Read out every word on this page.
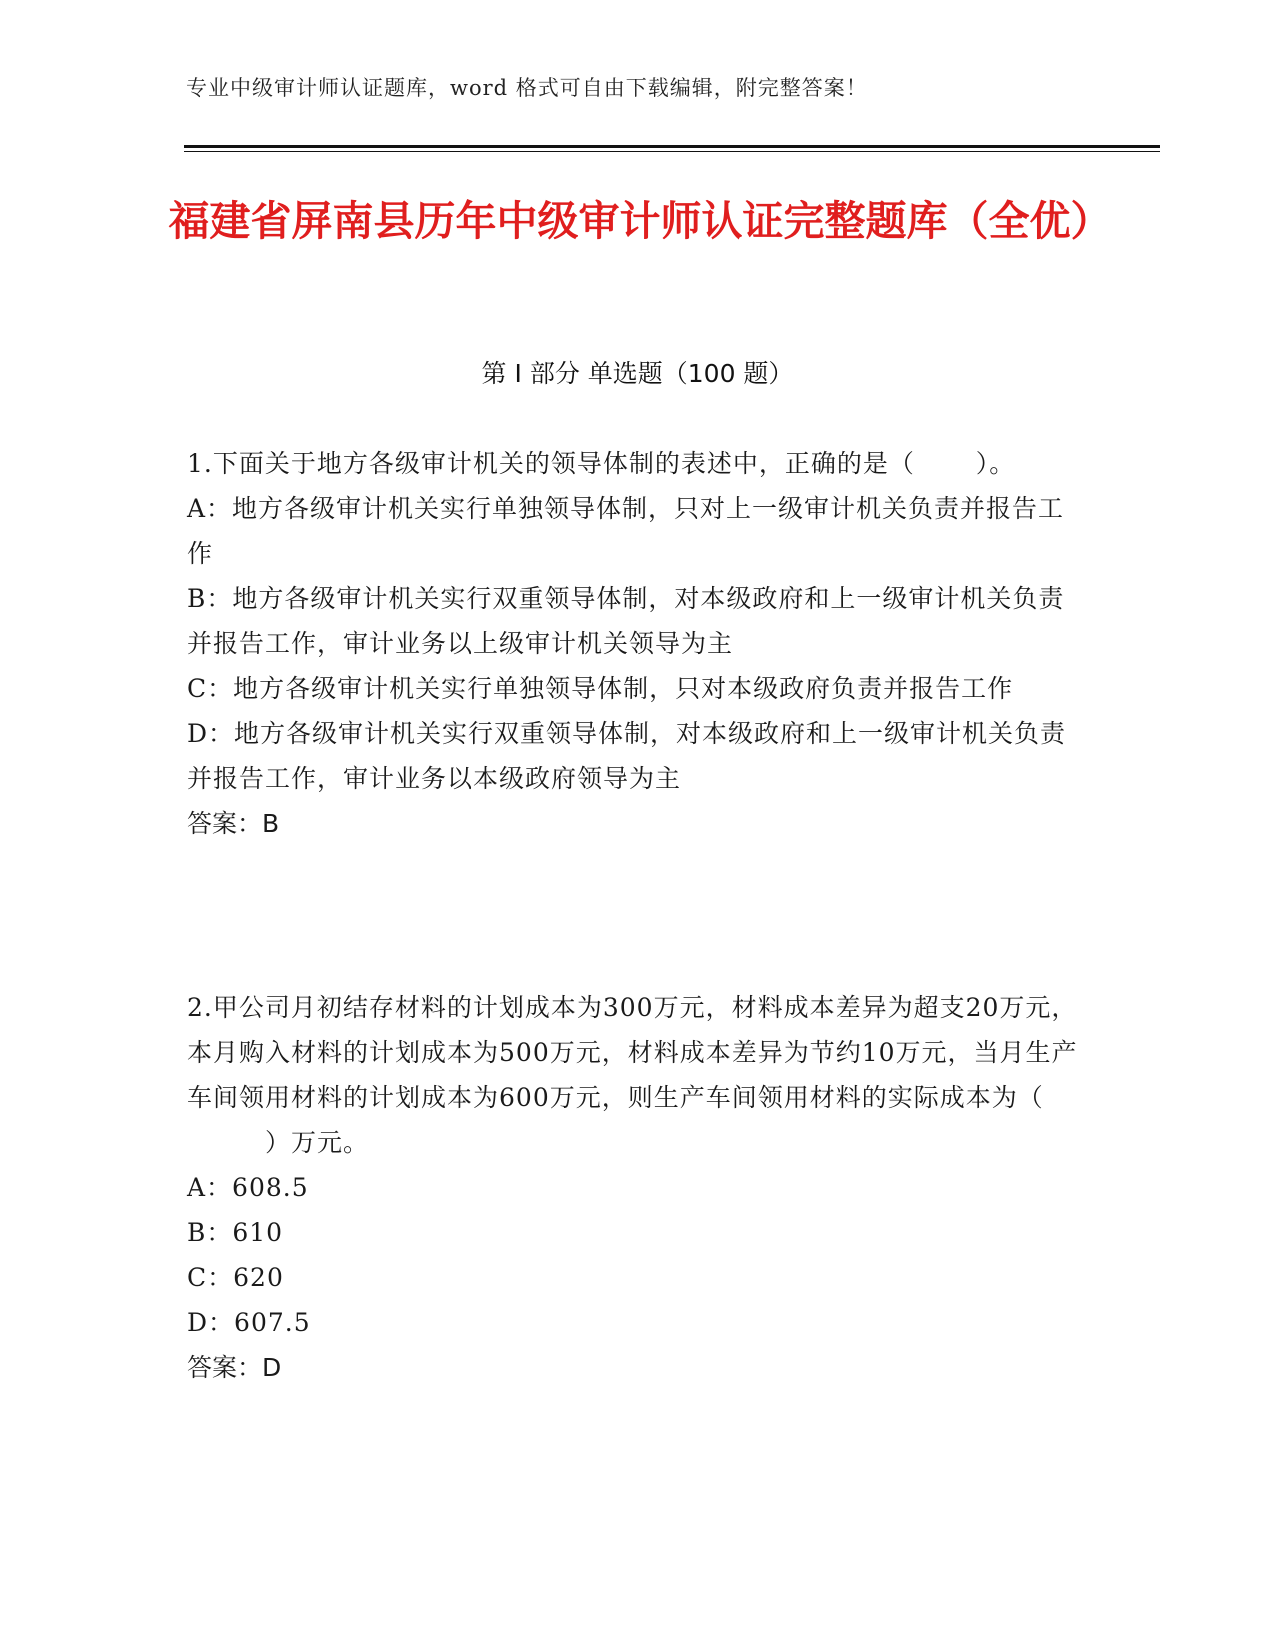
专业中级审计师认证题库，word 格式可自由下载编辑，附完整答案！
福建省屏南县历年中级审计师认证完整题库（全优）
第 I 部分 单选题（100 题）
1.下面关于地方各级审计机关的领导体制的表述中，正确的是（ 　　）。
A：地方各级审计机关实行单独领导体制，只对上一级审计机关负责并报告工作
B：地方各级审计机关实行双重领导体制，对本级政府和上一级审计机关负责并报告工作，审计业务以上级审计机关领导为主
C：地方各级审计机关实行单独领导体制，只对本级政府负责并报告工作
D：地方各级审计机关实行双重领导体制，对本级政府和上一级审计机关负责并报告工作，审计业务以本级政府领导为主
答案：B
2.甲公司月初结存材料的计划成本为300万元，材料成本差异为超支20万元，本月购入材料的计划成本为500万元，材料成本差异为节约10万元，当月生产车间领用材料的计划成本为600万元，则生产车间领用材料的实际成本为（ 　　　）万元。
A：608.5
B：610
C：620
D：607.5
答案：D
